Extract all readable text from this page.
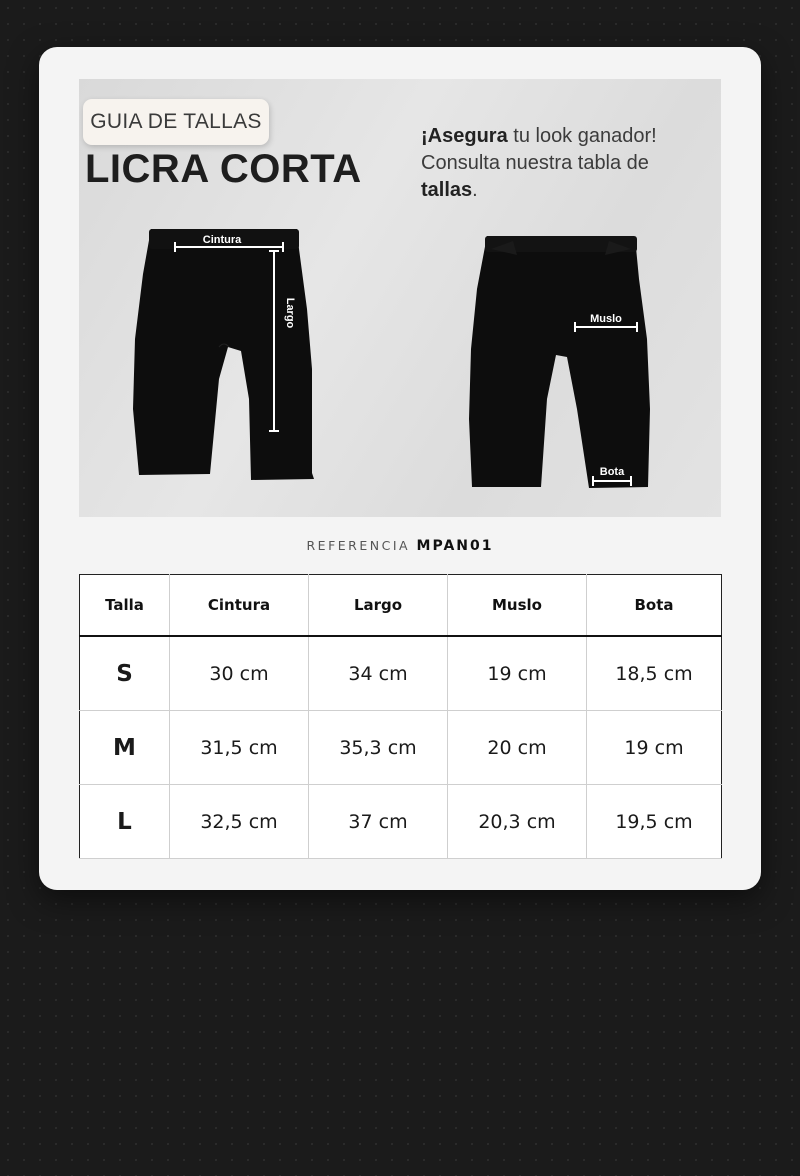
GUIA DE TALLAS
LICRA CORTA
¡Asegura tu look ganador!
Consulta nuestra tabla de
tallas.
Cintura
Largo	Muslo
Bota
REFERENCIA MPAN01
Talla	Cintura	Largo	Muslo	Bota
S	30 cm	34 cm	19 cm	18,5 cm
M	31,5 cm	35,3 cm	20 cm	19 cm
L	32,5 cm	37 cm	20,3 cm	19,5 cm
